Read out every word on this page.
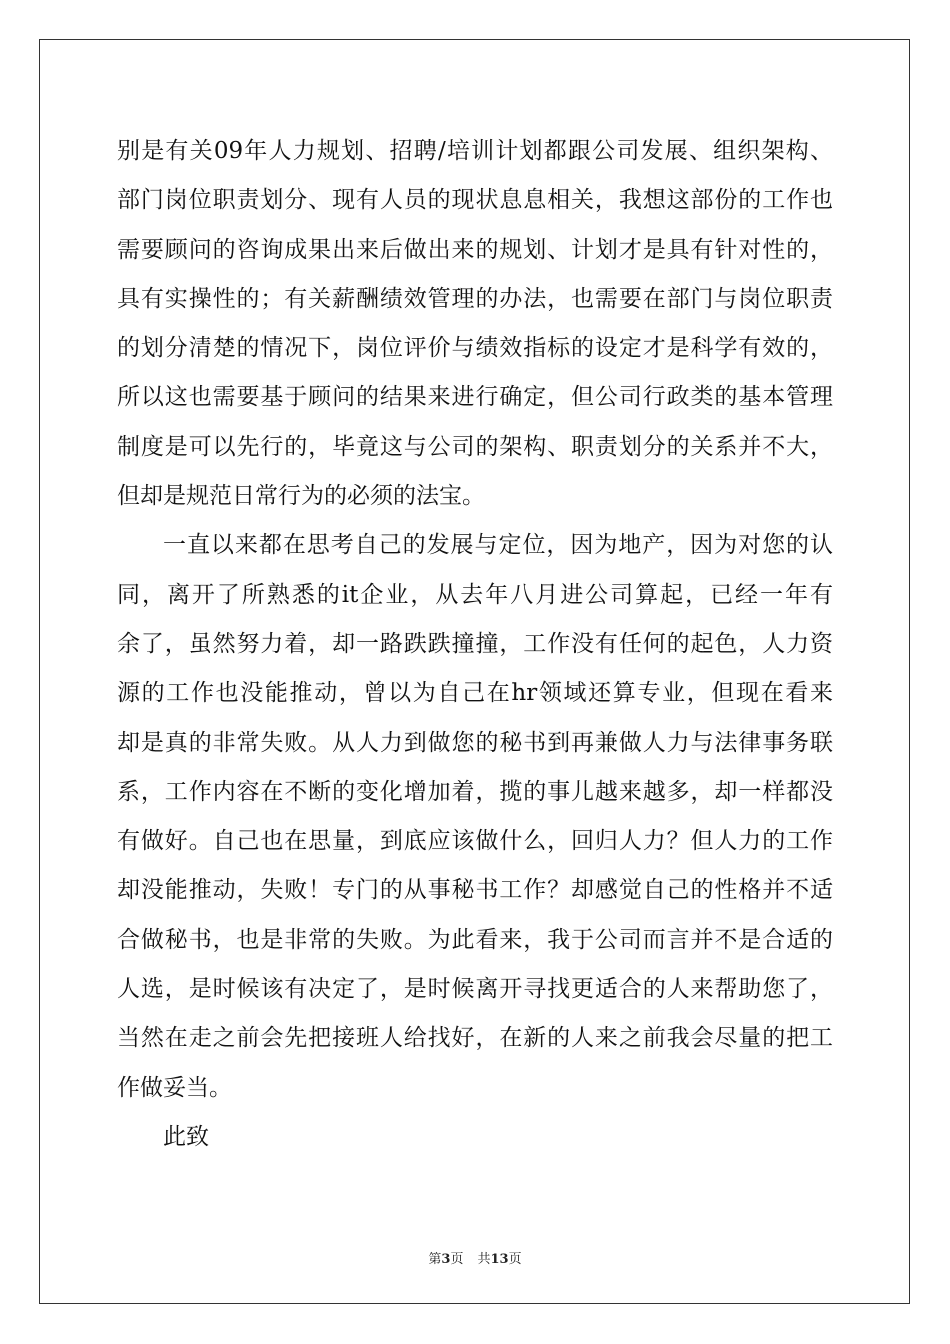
别是有关09年人力规划、招聘/培训计划都跟公司发展、组织架构、
部门岗位职责划分、现有人员的现状息息相关，我想这部份的工作也
需要顾问的咨询成果出来后做出来的规划、计划才是具有针对性的，
具有实操性的；有关薪酬绩效管理的办法，也需要在部门与岗位职责
的划分清楚的情况下，岗位评价与绩效指标的设定才是科学有效的，
所以这也需要基于顾问的结果来进行确定，但公司行政类的基本管理
制度是可以先行的，毕竟这与公司的架构、职责划分的关系并不大，
但却是规范日常行为的必须的法宝。
一直以来都在思考自己的发展与定位，因为地产，因为对您的认
同，离开了所熟悉的it企业，从去年八月进公司算起，已经一年有
余了，虽然努力着，却一路跌跌撞撞，工作没有任何的起色，人力资
源的工作也没能推动，曾以为自己在hr领域还算专业，但现在看来
却是真的非常失败。从人力到做您的秘书到再兼做人力与法律事务联
系，工作内容在不断的变化增加着，揽的事儿越来越多，却一样都没
有做好。自己也在思量，到底应该做什么，回归人力？但人力的工作
却没能推动，失败！专门的从事秘书工作？却感觉自己的性格并不适
合做秘书，也是非常的失败。为此看来，我于公司而言并不是合适的
人选，是时候该有决定了，是时候离开寻找更适合的人来帮助您了，
当然在走之前会先把接班人给找好，在新的人来之前我会尽量的把工
作做妥当。
此致
第3页 共13页
